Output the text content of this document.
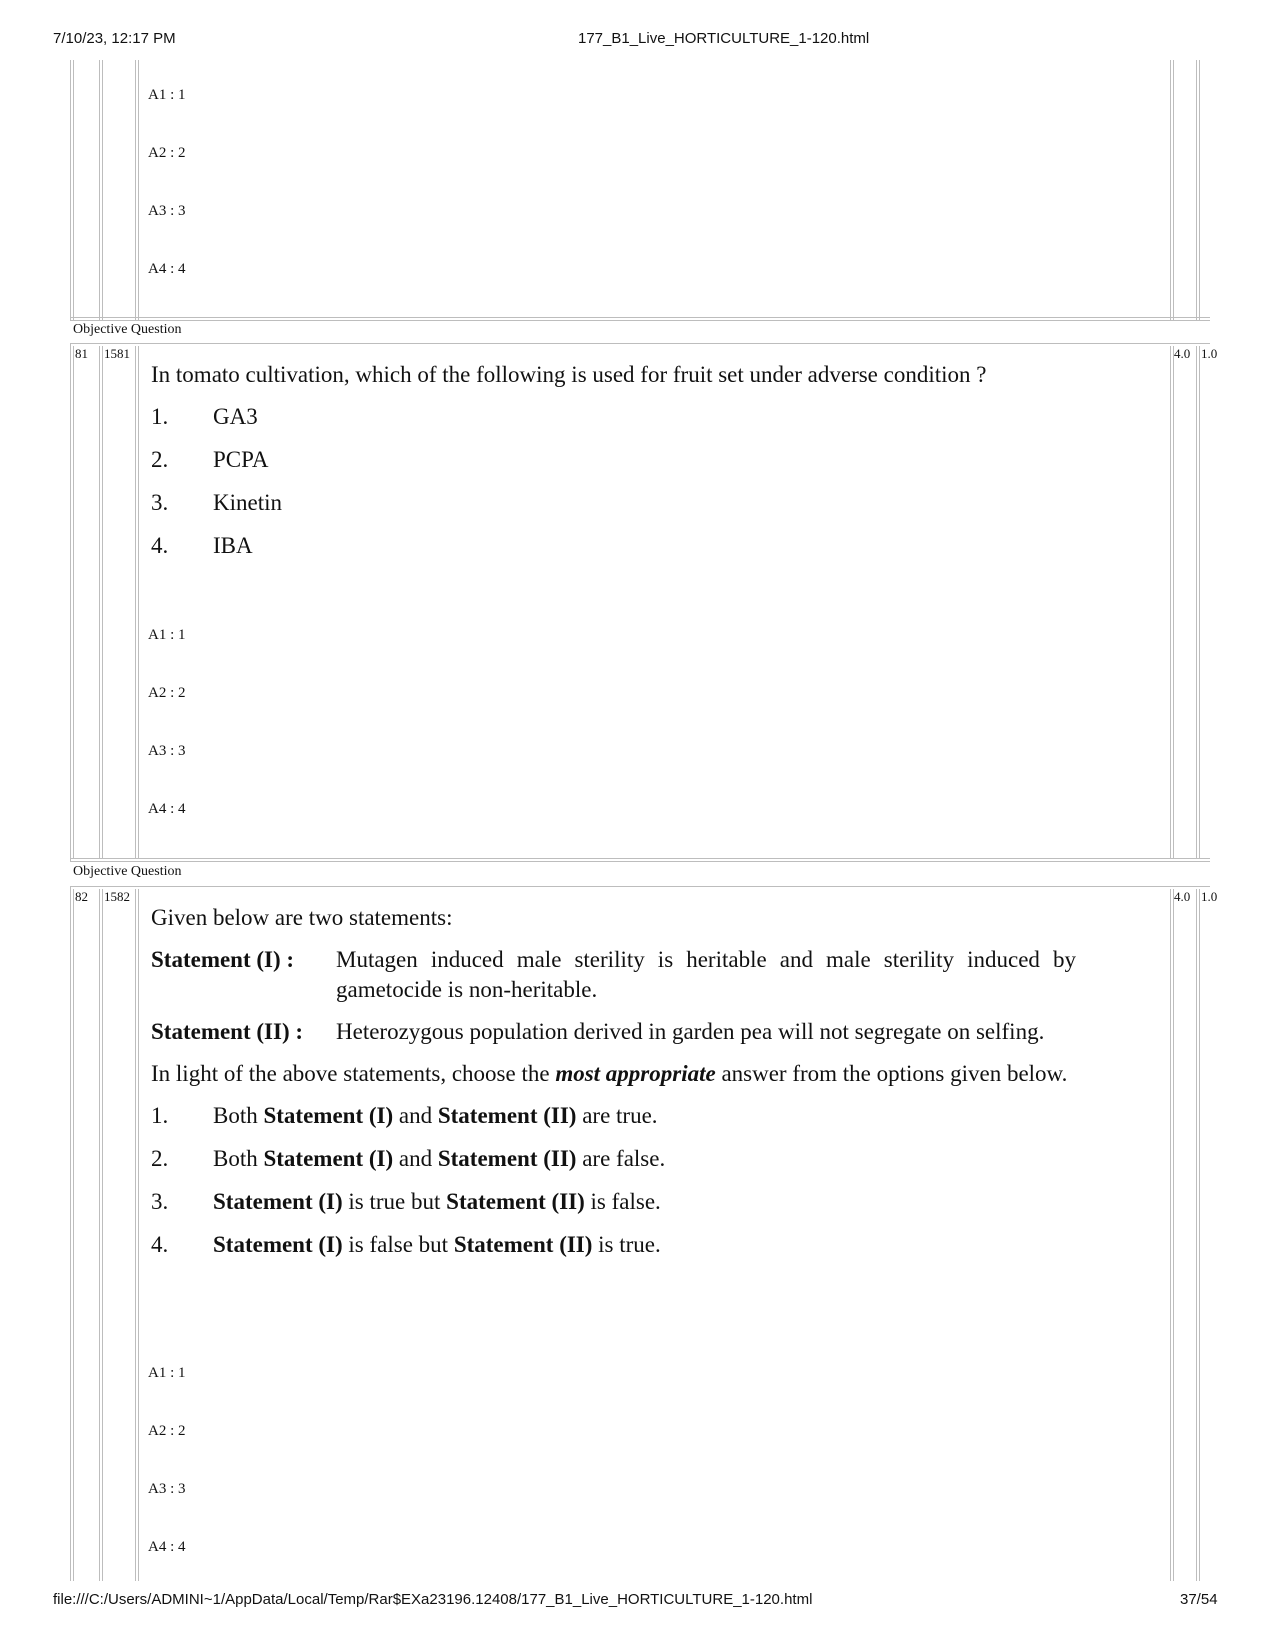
7/10/23, 12:17 PM	177_B1_Live_HORTICULTURE_1-120.html
A1 : 1
A2 : 2
A3 : 3
A4 : 4
Objective Question
81 1581	4.0 1.0

In tomato cultivation, which of the following is used for fruit set under adverse condition ?

1.	GA3
2.	PCPA
3.	Kinetin
4.	IBA
A1 : 1
A2 : 2
A3 : 3
A4 : 4
Objective Question
82 1582	4.0 1.0

Given below are two statements:

Statement (I) :	Mutagen induced male sterility is heritable and male sterility induced by gametocide is non-heritable.
Statement (II) :	Heterozygous population derived in garden pea will not segregate on selfing.

In light of the above statements, choose the most appropriate answer from the options given below.

1.	Both Statement (I) and Statement (II) are true.
2.	Both Statement (I) and Statement (II) are false.
3.	Statement (I) is true but Statement (II) is false.
4.	Statement (I) is false but Statement (II) is true.
A1 : 1
A2 : 2
A3 : 3
A4 : 4
file:///C:/Users/ADMINI~1/AppData/Local/Temp/Rar$EXa23196.12408/177_B1_Live_HORTICULTURE_1-120.html	37/54
